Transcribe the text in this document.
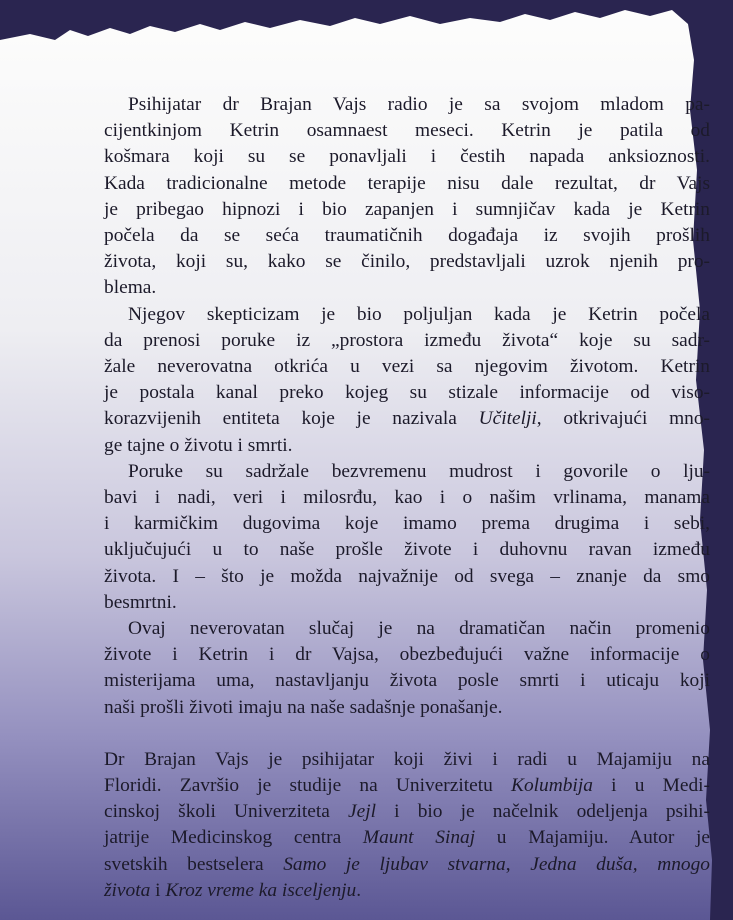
Psihijatar dr Brajan Vajs radio je sa svojom mladom pa-
cijentkinjom Ketrin osamnaest meseci. Ketrin je patila od
košmara koji su se ponavljali i čestih napada anksioznosti.
Kada tradicionalne metode terapije nisu dale rezultat, dr Vajs
je pribegao hipnozi i bio zapanjen i sumnjičav kada je Ketrin
počela da se seća traumatičnih događaja iz svojih prošlih
života, koji su, kako se činilo, predstavljali uzrok njenih pro-
blema.

Njegov skepticizam je bio poljuljan kada je Ketrin počela
da prenosi poruke iz „prostora između života“ koje su sadr-
žale neverovatna otkrića u vezi sa njegovim životom. Ketrin
je postala kanal preko kojeg su stizale informacije od viso-
korazvijenih entiteta koje je nazivala Učitelji, otkrivajući mno-
ge tajne o životu i smrti.

Poruke su sadržale bezvremenu mudrost i govorile o lju-
bavi i nadi, veri i milosrđu, kao i o našim vrlinama, manama
i karmičkim dugovima koje imamo prema drugima i sebi,
uključujući u to naše prošle živote i duhovnu ravan između
života. I – što je možda najvažnije od svega – znanje da smo
besmrtni.

Ovaj neverovatan slučaj je na dramatičan način promenio
živote i Ketrin i dr Vajsa, obezbeđujući važne informacije o
misterijama uma, nastavljanju života posle smrti i uticaju koji
naši prošli životi imaju na naše sadašnje ponašanje.

Dr Brajan Vajs je psihijatar koji živi i radi u Majamiju na
Floridi. Završio je studije na Univerzitetu Kolumbija i u Medi-
cinskoj školi Univerziteta Jejl i bio je načelnik odeljenja psihi-
jatrije Medicinskog centra Maunt Sinaj u Majamiju. Autor je
svetskih bestselera Samo je ljubav stvarna, Jedna duša, mnogo
života i Kroz vreme ka isceljenju.
